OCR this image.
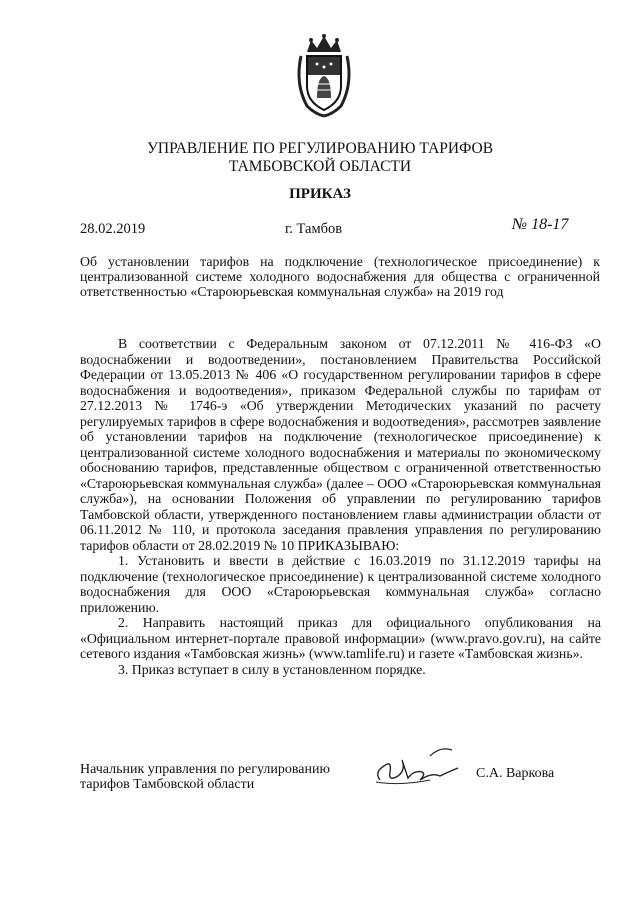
УПРАВЛЕНИЕ ПО РЕГУЛИРОВАНИЮ ТАРИФОВ
ТАМБОВСКОЙ ОБЛАСТИ
ПРИКАЗ
28.02.2019	г. Тамбов	№ 18-17
Об установлении тарифов на подключение (технологическое присоединение) к централизованной системе холодного водоснабжения для общества с ограниченной ответственностью «Староюрьевская коммунальная служба» на 2019 год

В соответствии с Федеральным законом от 07.12.2011 № 416-ФЗ «О водоснабжении и водоотведении», постановлением Правительства Российской Федерации от 13.05.2013 № 406 «О государственном регулировании тарифов в сфере водоснабжения и водоотведения», приказом Федеральной службы по тарифам от 27.12.2013 № 1746-э «Об утверждении Методических указаний по расчету регулируемых тарифов в сфере водоснабжения и водоотведения», рассмотрев заявление об установлении тарифов на подключение (технологическое присоединение) к централизованной системе холодного водоснабжения и материалы по экономическому обоснованию тарифов, представленные обществом с ограниченной ответственностью «Староюрьевская коммунальная служба» (далее – ООО «Староюрьевская коммунальная служба»), на основании Положения об управлении по регулированию тарифов Тамбовской области, утвержденного постановлением главы администрации области от 06.11.2012 № 110, и протокола заседания правления управления по регулированию тарифов области от 28.02.2019 № 10 ПРИКАЗЫВАЮ:

1. Установить и ввести в действие с 16.03.2019 по 31.12.2019 тарифы на подключение (технологическое присоединение) к централизованной системе холодного водоснабжения для ООО «Староюрьевская коммунальная служба» согласно приложению.

2. Направить настоящий приказ для официального опубликования на «Официальном интернет-портале правовой информации» (www.pravo.gov.ru), на сайте сетевого издания «Тамбовская жизнь» (www.tamlife.ru) и газете «Тамбовская жизнь».

3. Приказ вступает в силу в установленном порядке.

Начальник управления по регулированию
тарифов Тамбовской области
С.А. Варкова
